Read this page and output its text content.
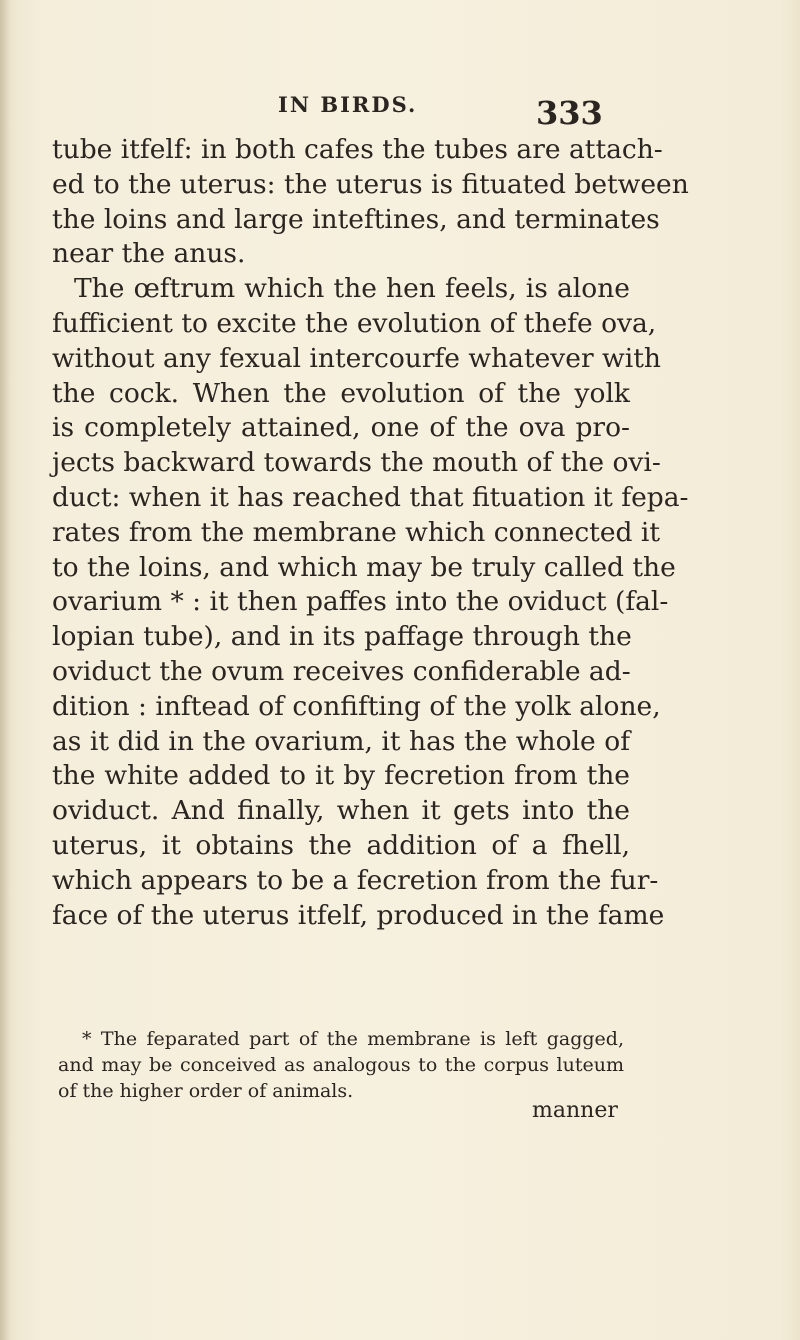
IN BIRDS.	333
tube itfelf: in both cafes the tubes are attach-
ed to the uterus: the uterus is fituated between
the loins and large inteftines, and terminates
near the anus.
The œftrum which the hen feels, is alone
fufficient to excite the evolution of thefe ova,
without any fexual intercourfe whatever with
the cock. When the evolution of the yolk
is completely attained, one of the ova pro-
jects backward towards the mouth of the ovi-
duct: when it has reached that fituation it fepa-
rates from the membrane which connected it
to the loins, and which may be truly called the
ovarium * : it then paffes into the oviduct (fal-
lopian tube), and in its paffage through the
oviduct the ovum receives confiderable ad-
dition : inftead of confifting of the yolk alone,
as it did in the ovarium, it has the whole of
the white added to it by fecretion from the
oviduct. And finally, when it gets into the
uterus, it obtains the addition of a fhell,
which appears to be a fecretion from the fur-
face of the uterus itfelf, produced in the fame
* The feparated part of the membrane is left gagged,
and may be conceived as analogous to the corpus luteum
of the higher order of animals.
manner
